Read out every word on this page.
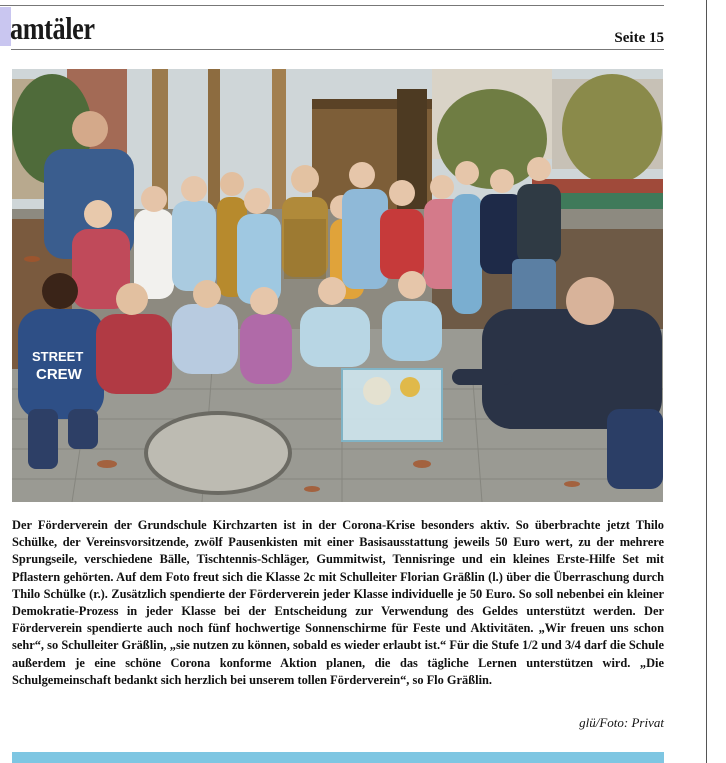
amtäler	Seite 15
STREET
CREW

Der Förderverein der Grundschule Kirchzarten ist in der Corona-Krise besonders aktiv. So überbrachte jetzt Thilo Schülke, der Vereinsvorsitzende, zwölf Pausenkisten mit einer Basisausstattung jeweils 50 Euro wert, zu der mehrere Sprungseile, verschiedene Bälle, Tischtennis-Schläger, Gummitwist, Tennisringe und ein kleines Erste-Hilfe Set mit Pflastern gehörten. Auf dem Foto freut sich die Klasse 2c mit Schulleiter Florian Gräßlin (l.) über die Überraschung durch Thilo Schülke (r.). Zusätzlich spendierte der Förderverein jeder Klasse individuelle je 50 Euro. So soll nebenbei ein kleiner Demokratie-Prozess in jeder Klasse bei der Entscheidung zur Verwendung des Geldes unterstützt werden. Der Förderverein spendierte auch noch fünf hochwertige Sonnenschirme für Feste und Aktivitäten. „Wir freuen uns schon sehr“, so Schulleiter Gräßlin, „sie nutzen zu können, sobald es wieder erlaubt ist.“ Für die Stufe 1/2 und 3/4 darf die Schule außerdem je eine schöne Corona konforme Aktion planen, die das tägliche Lernen unterstützen wird. „Die Schulgemeinschaft bedankt sich herzlich bei unserem tollen Förderverein“, so Flo Gräßlin.

glü/Foto: Privat
